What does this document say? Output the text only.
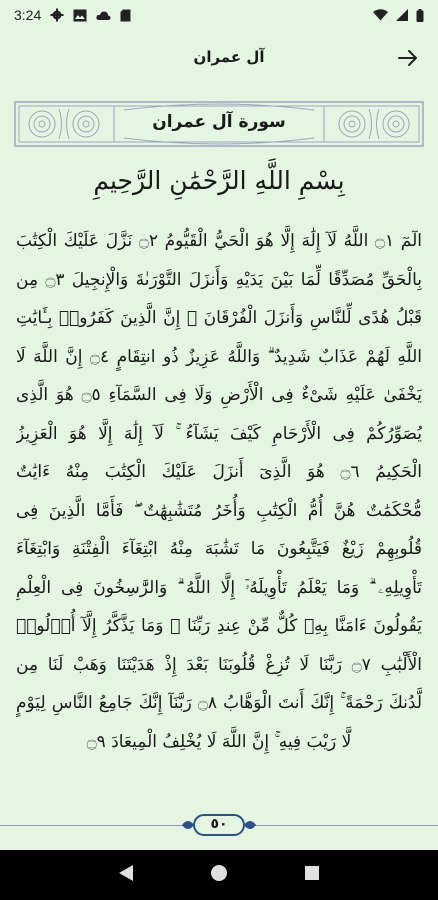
3:24
آل عمران
سورة آل عمران
بِسْمِ اللَّهِ الرَّحْمَٰنِ الرَّحِيمِ
الٓمٓ ۝١ اللَّهُ لَآ إِلَٰهَ إِلَّا هُوَ الْحَيُّ الْقَيُّومُ ۝٢ نَزَّلَ عَلَيْكَ الْكِتَٰبَ
بِالْحَقِّ مُصَدِّقًا لِّمَا بَيْنَ يَدَيْهِ وَأَنزَلَ التَّوْرَىٰةَ وَالْإِنجِيلَ ۝٣ مِن
قَبْلُ هُدًى لِّلنَّاسِ وَأَنزَلَ الْفُرْقَانَ ۗ إِنَّ الَّذِينَ كَفَرُوا۟ بِـَٔايَٰتِ
اللَّهِ لَهُمْ عَذَابٌ شَدِيدٌ ۗ وَاللَّهُ عَزِيزٌ ذُو انتِقَامٍ ۝٤ إِنَّ اللَّهَ لَا
يَخْفَىٰ عَلَيْهِ شَىْءٌ فِى الْأَرْضِ وَلَا فِى السَّمَآءِ ۝٥ هُوَ الَّذِى
يُصَوِّرُكُمْ فِى الْأَرْحَامِ كَيْفَ يَشَآءُ ۚ لَآ إِلَٰهَ إِلَّا هُوَ الْعَزِيزُ
الْحَكِيمُ ۝٦ هُوَ الَّذِىٓ أَنزَلَ عَلَيْكَ الْكِتَٰبَ مِنْهُ ءَايَٰتٌ
مُّحْكَمَٰتٌ هُنَّ أُمُّ الْكِتَٰبِ وَأُخَرُ مُتَشَٰبِهَٰتٌ ۖ فَأَمَّا الَّذِينَ فِى
قُلُوبِهِمْ زَيْغٌ فَيَتَّبِعُونَ مَا تَشَٰبَهَ مِنْهُ ابْتِغَآءَ الْفِتْنَةِ وَابْتِغَآءَ
تَأْوِيلِهِۦ ۗ وَمَا يَعْلَمُ تَأْوِيلَهُۥٓ إِلَّا اللَّهُ ۗ وَالرَّٰسِخُونَ فِى الْعِلْمِ
يَقُولُونَ ءَامَنَّا بِهِۦ كُلٌّ مِّنْ عِندِ رَبِّنَا ۗ وَمَا يَذَّكَّرُ إِلَّآ أُو۟لُوا۟
الْأَلْبَٰبِ ۝٧ رَبَّنَا لَا تُزِغْ قُلُوبَنَا بَعْدَ إِذْ هَدَيْتَنَا وَهَبْ لَنَا مِن
لَّدُنكَ رَحْمَةً ۚ إِنَّكَ أَنتَ الْوَهَّابُ ۝٨ رَبَّنَآ إِنَّكَ جَامِعُ النَّاسِ لِيَوْمٍ
لَّا رَيْبَ فِيهِ ۚ إِنَّ اللَّهَ لَا يُخْلِفُ الْمِيعَادَ ۝٩
٥٠
